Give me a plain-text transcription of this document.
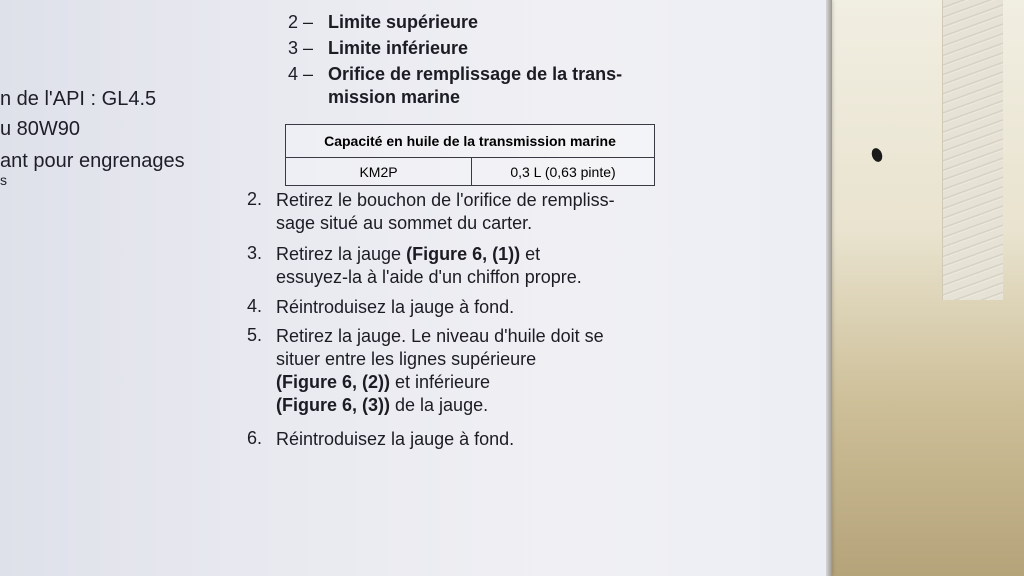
n de l'API : GL4.5
u 80W90
ant pour engrenages
s
2 – Limite supérieure
3 – Limite inférieure
4 – Orifice de remplissage de la trans-
mission marine
Capacité en huile de la transmission marine
KM2P	0,3 L (0,63 pinte)
2. Retirez le bouchon de l'orifice de rempliss-
sage situé au sommet du carter.
3. Retirez la jauge (Figure 6, (1)) et
essuyez-la à l'aide d'un chiffon propre.
4. Réintroduisez la jauge à fond.
5. Retirez la jauge. Le niveau d'huile doit se
situer entre les lignes supérieure
(Figure 6, (2)) et inférieure
(Figure 6, (3)) de la jauge.
6. Réintroduisez la jauge à fond.
